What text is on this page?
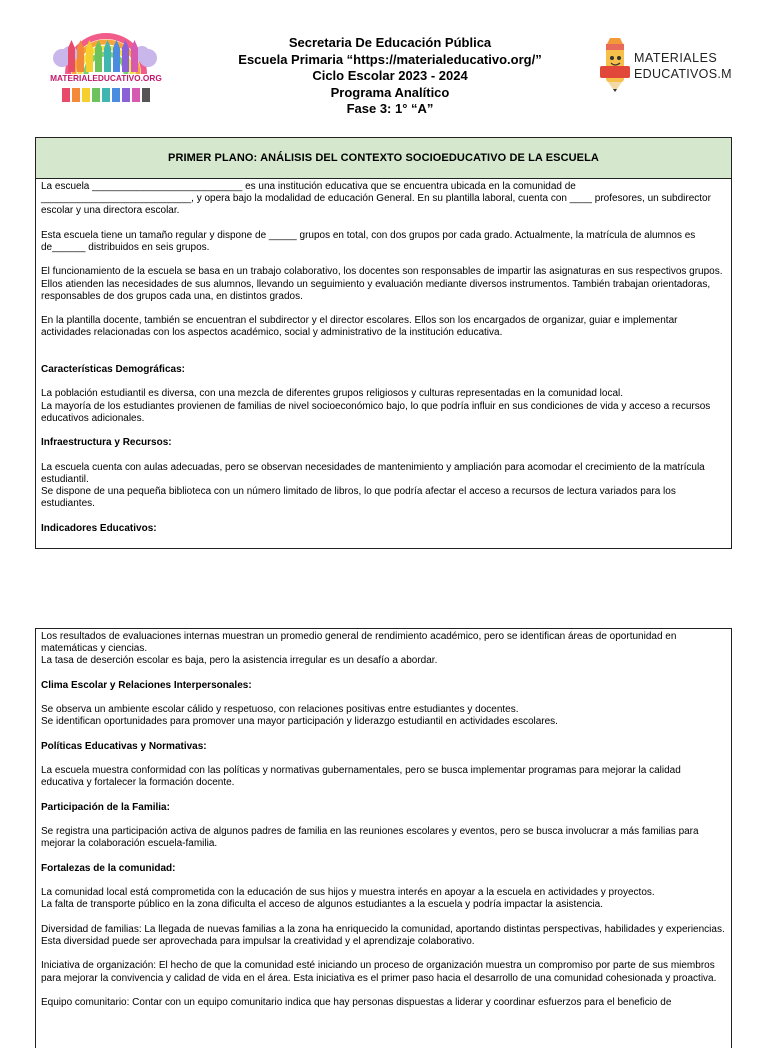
MATERIALEDUCATIVO.ORG
Secretaria De Educación Pública
Escuela Primaria “https://materialeducativo.org/”
Ciclo Escolar 2023 - 2024
Programa Analítico
Fase 3: 1° “A”
MATERIALES
EDUCATIVOS.MX
PRIMER PLANO: ANÁLISIS DEL CONTEXTO SOCIOEDUCATIVO DE LA ESCUELA

La escuela ___________________________ es una institución educativa que se encuentra ubicada en la comunidad de ___________________________, y opera bajo la modalidad de educación General. En su plantilla laboral, cuenta con ____ profesores, un subdirector escolar y una directora escolar.

Esta escuela tiene un tamaño regular y dispone de _____ grupos en total, con dos grupos por cada grado. Actualmente, la matrícula de alumnos es de______ distribuidos en seis grupos.

El funcionamiento de la escuela se basa en un trabajo colaborativo, los docentes son responsables de impartir las asignaturas en sus respectivos grupos. Ellos atienden las necesidades de sus alumnos, llevando un seguimiento y evaluación mediante diversos instrumentos. También trabajan orientadoras, responsables de dos grupos cada una, en distintos grados.

En la plantilla docente, también se encuentran el subdirector y el director escolares. Ellos son los encargados de organizar, guiar e implementar actividades relacionadas con los aspectos académico, social y administrativo de la institución educativa.

Características Demográficas:
La población estudiantil es diversa, con una mezcla de diferentes grupos religiosos y culturas representadas en la comunidad local.

La mayoría de los estudiantes provienen de familias de nivel socioeconómico bajo, lo que podría influir en sus condiciones de vida y acceso a recursos educativos adicionales.

Infraestructura y Recursos:
La escuela cuenta con aulas adecuadas, pero se observan necesidades de mantenimiento y ampliación para acomodar el crecimiento de la matrícula estudiantil.

Se dispone de una pequeña biblioteca con un número limitado de libros, lo que podría afectar el acceso a recursos de lectura variados para los estudiantes.

Indicadores Educativos:
Los resultados de evaluaciones internas muestran un promedio general de rendimiento académico, pero se identifican áreas de oportunidad en matemáticas y ciencias.

La tasa de deserción escolar es baja, pero la asistencia irregular es un desafío a abordar.

Clima Escolar y Relaciones Interpersonales:
Se observa un ambiente escolar cálido y respetuoso, con relaciones positivas entre estudiantes y docentes.

Se identifican oportunidades para promover una mayor participación y liderazgo estudiantil en actividades escolares.

Políticas Educativas y Normativas:

La escuela muestra conformidad con las políticas y normativas gubernamentales, pero se busca implementar programas para mejorar la calidad educativa y fortalecer la formación docente.

Participación de la Familia:

Se registra una participación activa de algunos padres de familia en las reuniones escolares y eventos, pero se busca involucrar a más familias para mejorar la colaboración escuela-familia.

Fortalezas de la comunidad:
La comunidad local está comprometida con la educación de sus hijos y muestra interés en apoyar a la escuela en actividades y proyectos.

La falta de transporte público en la zona dificulta el acceso de algunos estudiantes a la escuela y podría impactar la asistencia.

Diversidad de familias: La llegada de nuevas familias a la zona ha enriquecido la comunidad, aportando distintas perspectivas, habilidades y experiencias. Esta diversidad puede ser aprovechada para impulsar la creatividad y el aprendizaje colaborativo.

Iniciativa de organización: El hecho de que la comunidad esté iniciando un proceso de organización muestra un compromiso por parte de sus miembros para mejorar la convivencia y calidad de vida en el área. Esta iniciativa es el primer paso hacia el desarrollo de una comunidad cohesionada y proactiva.

Equipo comunitario: Contar con un equipo comunitario indica que hay personas dispuestas a liderar y coordinar esfuerzos para el beneficio de
